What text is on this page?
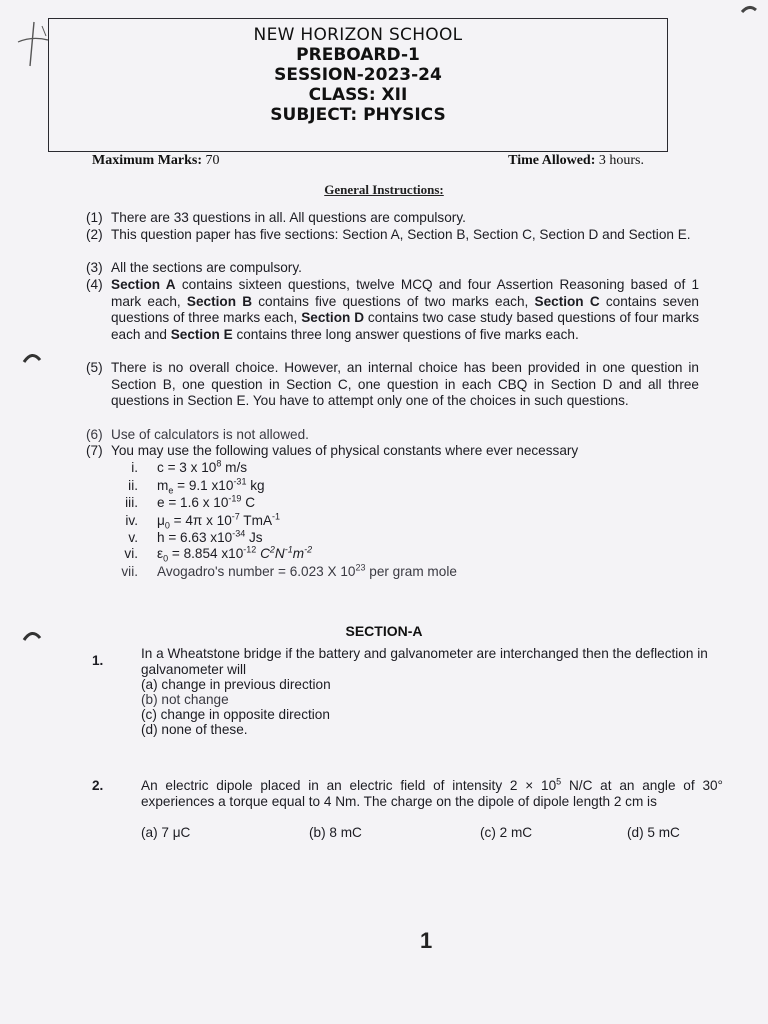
NEW HORIZON SCHOOL
PREBOARD-1
SESSION-2023-24
CLASS: XII
SUBJECT: PHYSICS
Maximum Marks: 70	Time Allowed: 3 hours.
General Instructions:
(1) There are 33 questions in all. All questions are compulsory.
(2) This question paper has five sections: Section A, Section B, Section C, Section D and Section E.
(3) All the sections are compulsory.
(4) Section A contains sixteen questions, twelve MCQ and four Assertion Reasoning based of 1 mark each, Section B contains five questions of two marks each, Section C contains seven questions of three marks each, Section D contains two case study based questions of four marks each and Section E contains three long answer questions of five marks each.
(5) There is no overall choice. However, an internal choice has been provided in one question in Section B, one question in Section C, one question in each CBQ in Section D and all three questions in Section E. You have to attempt only one of the choices in such questions.
(6) Use of calculators is not allowed.
(7) You may use the following values of physical constants where ever necessary
i. c = 3 x $10^8$ m/s
ii. $m_e = 9.1$ $x10^{-31}$ kg
iii. e = 1.6 x $10^{-19}$ C
iv. $\mu_0 = 4\pi$ x $10^{-7}$ TmA$^{-1}$
v. h = 6.63 $x10^{-34}$ Js
vi. $\varepsilon_0 = 8.854$ $x10^{-12}$ $C^2N^{-1}m^{-2}$
vii. Avogadro's number = 6.023 X $10^{23}$ per gram mole
SECTION-A
1.	In a Wheatstone bridge if the battery and galvanometer are interchanged then the deflection in galvanometer will
(a) change in previous direction
(b) not change
(c) change in opposite direction
(d) none of these.
2.	An electric dipole placed in an electric field of intensity $2 \times 10^5$ N/C at an angle of 30° experiences a torque equal to 4 Nm. The charge on the dipole of dipole length 2 cm is
(a) 7 μC	(b) 8 mC	(c) 2 mC	(d) 5 mC
1
